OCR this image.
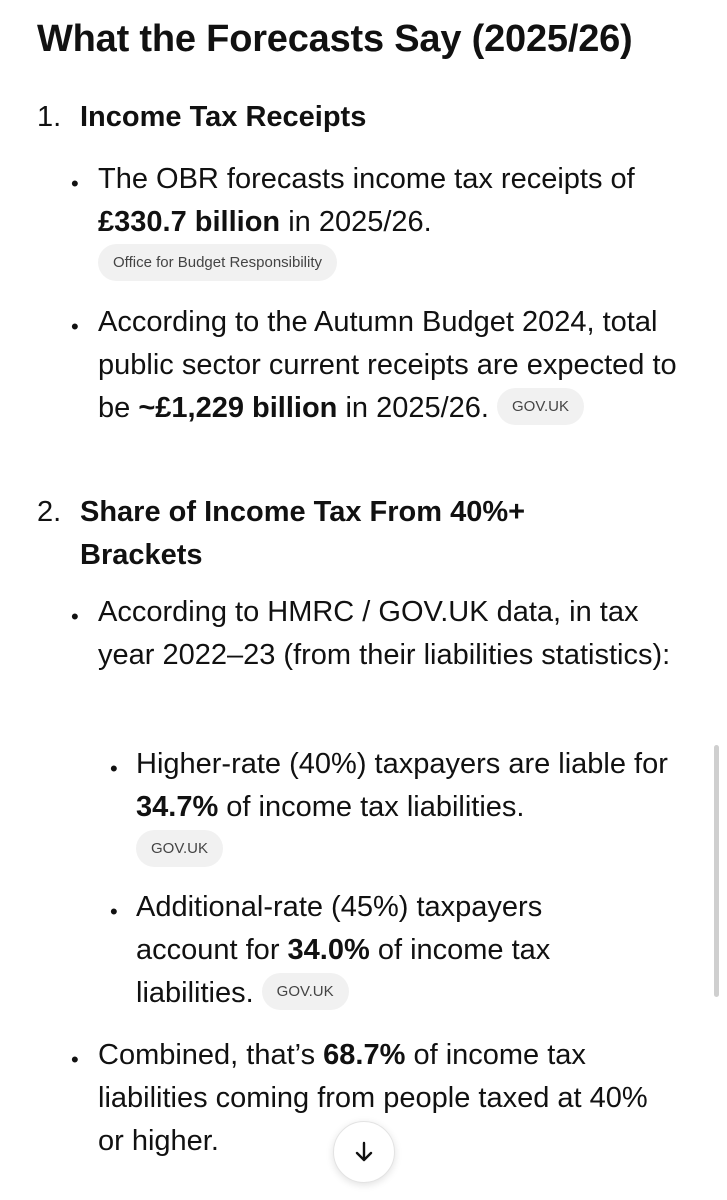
What the Forecasts Say (2025/26)
1. Income Tax Receipts
• The OBR forecasts income tax receipts of
£330.7 billion in 2025/26.
Office for Budget Responsibility
• According to the Autumn Budget 2024, total public sector current receipts are expected to be ~£1,229 billion in 2025/26. GOV.UK
2. Share of Income Tax From 40%+ Brackets
• According to HMRC / GOV.UK data, in tax year 2022–23 (from their liabilities statistics):
• Higher-rate (40%) taxpayers are liable for 34.7% of income tax liabilities.
GOV.UK
• Additional-rate (45%) taxpayers account for 34.0% of income tax liabilities. GOV.UK
• Combined, that’s 68.7% of income tax liabilities coming from people taxed at 40% or higher.
